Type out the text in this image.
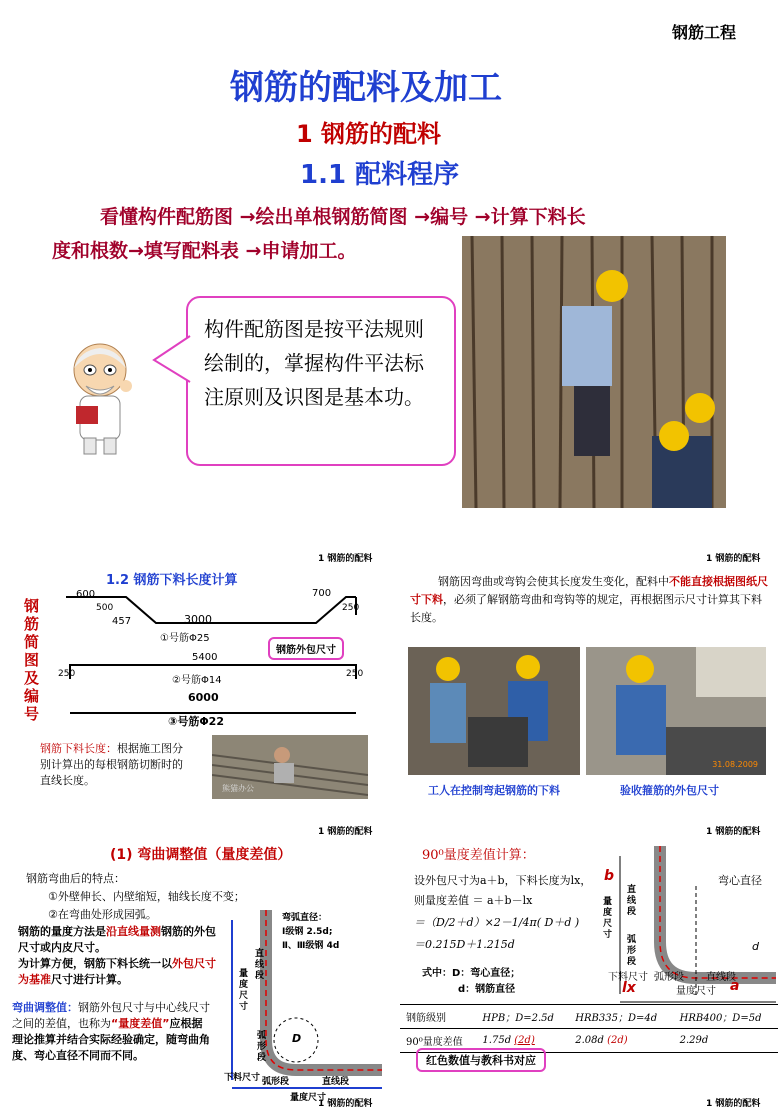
钢筋工程
钢筋的配料及加工
1 钢筋的配料
1.1 配料程序
看懂构件配筋图 →绘出单根钢筋简图 →编号 →计算下料长
度和根数→填写配料表 →申请加工。
构件配筋图是按平法规则绘制的，掌握构件平法标注原则及识图是基本功。
1 钢筋的配料
1.2 钢筋下料长度计算
钢筋简图及编号
600
500
457	3000
700
250
①号筋Φ25
钢筋外包尺寸
5400
250	250
②号筋Φ14
6000
③号筋Φ22
钢筋下料长度：根据施工图分别计算出的每根钢筋切断时的直线长度。
熊猫办公
1 钢筋的配料
钢筋因弯曲或弯钩会使其长度发生变化，配料中不能直接根据图纸尺寸下料，必须了解钢筋弯曲和弯钩等的规定，再根据图示尺寸计算其下料长度。
31.08.2009
工人在控制弯起钢筋的下料	验收箍筋的外包尺寸
1 钢筋的配料
(1) 弯曲调整值（量度差值）
钢筋弯曲后的特点：
①外壁伸长、内壁缩短，轴线长度不变；
②在弯曲处形成园弧。
钢筋的量度方法是沿直线量测钢筋的外包尺寸或内皮尺寸。
为计算方便，钢筋下料长统一以外包尺寸为基准尺寸进行计算。
弯曲调整值：钢筋外包尺寸与中心线尺寸之间的差值，也称为“量度差值”应根据理论推算并结合实际经验确定，随弯曲角度、弯心直径不同而不同。
弯弧直径：
Ⅰ级钢 2.5d;
Ⅱ、Ⅲ级钢 4d
直线段
量度尺寸
弧形段 D
下料尺寸 弧形段	直线段
量度尺寸
1 钢筋的配料
1 钢筋的配料
90⁰量度差值计算：
设外包尺寸为a＋b，下料长度为lx，
则量度差值 ＝ a＋b－lx
＝（D/2＋d）×2－1/4π( D＋d )
＝0.215D＋1.215d
式中：D：弯心直径；
d：钢筋直径
b	弯心直径
量度尺寸 直线段
弧形段	d
下料尺寸 弧形段 直线段
lx	量度尺寸 a
钢筋级别	HPB；D=2.5d	HRB335；D=4d	HRB400；D=5d
90⁰量度差值	1.75d (2d)	2.08d (2d)	2.29d
红色数值与教科书对应
1 钢筋的配料
